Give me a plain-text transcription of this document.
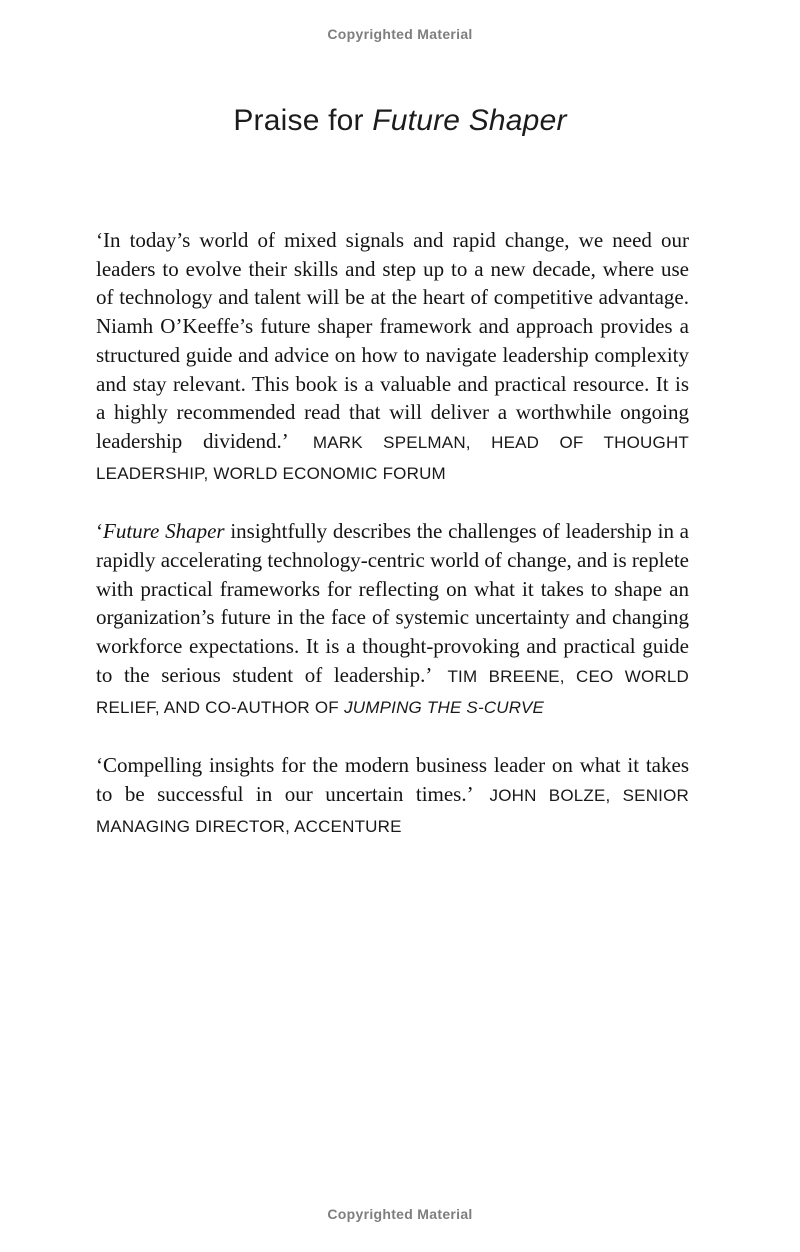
Copyrighted Material
Praise for Future Shaper

‘In today’s world of mixed signals and rapid change, we need our leaders to evolve their skills and step up to a new decade, where use of technology and talent will be at the heart of competitive advantage. Niamh O’Keeffe’s future shaper framework and approach provides a structured guide and advice on how to navigate leadership complexity and stay relevant. This book is a valuable and practical resource. It is a highly recommended read that will deliver a worthwhile ongoing leadership dividend.’ MARK SPELMAN, HEAD OF THOUGHT LEADERSHIP, WORLD ECONOMIC FORUM

‘Future Shaper insightfully describes the challenges of leadership in a rapidly accelerating technology-centric world of change, and is replete with practical frameworks for reflecting on what it takes to shape an organization’s future in the face of systemic uncertainty and changing workforce expectations. It is a thought-provoking and practical guide to the serious student of leadership.’ TIM BREENE, CEO WORLD RELIEF, AND CO-AUTHOR OF JUMPING THE S-CURVE

‘Compelling insights for the modern business leader on what it takes to be successful in our uncertain times.’ JOHN BOLZE, SENIOR MANAGING DIRECTOR, ACCENTURE

Copyrighted Material
